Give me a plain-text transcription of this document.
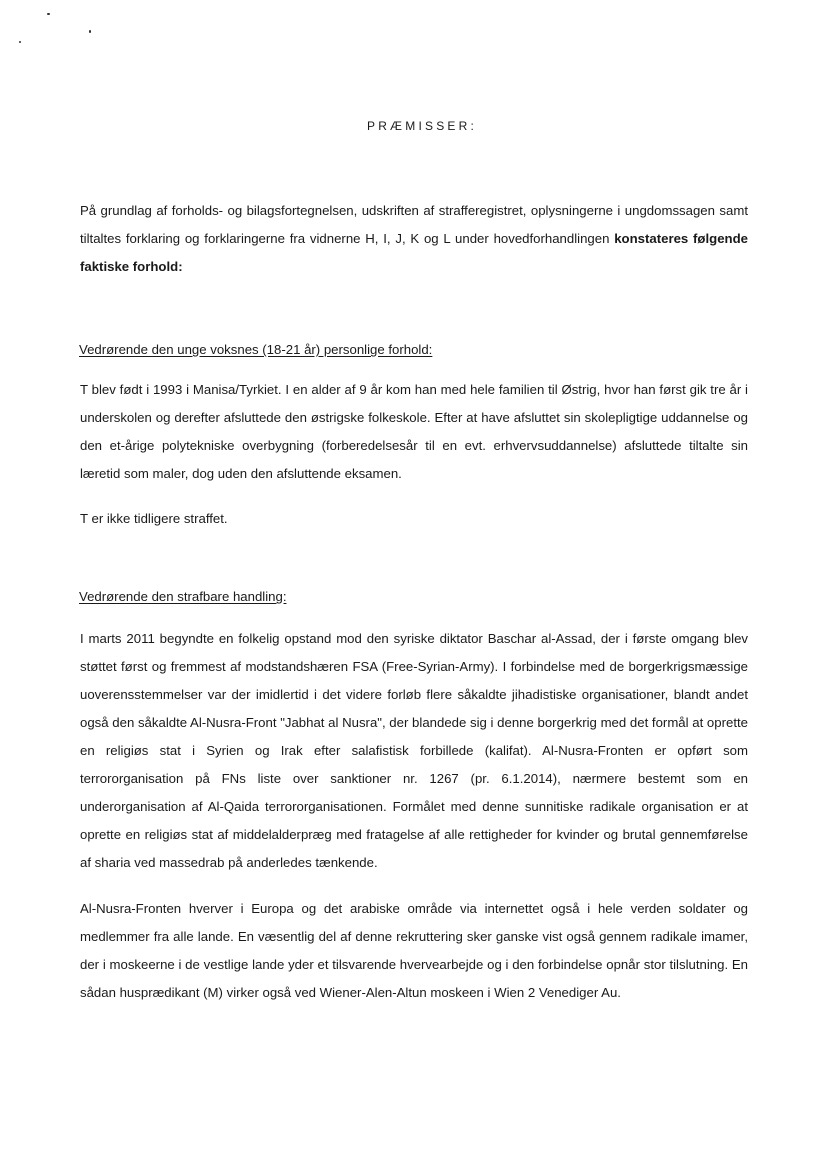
PRÆMISSER:

På grundlag af forholds- og bilagsfortegnelsen, udskriften af strafferegistret, oplysningerne i ungdomssagen samt tiltaltes forklaring og forklaringerne fra vidnerne H, I, J, K og L under hovedforhandlingen konstateres følgende faktiske forhold:

Vedrørende den unge voksnes (18-21 år) personlige forhold:

T blev født i 1993 i Manisa/Tyrkiet. I en alder af 9 år kom han med hele familien til Østrig, hvor han først gik tre år i underskolen og derefter afsluttede den østrigske folkeskole. Efter at have afsluttet sin skolepligtige uddannelse og den et-årige polytekniske overbygning (forberedelsesår til en evt. erhvervsuddannelse) afsluttede tiltalte sin læretid som maler, dog uden den afsluttende eksamen.

T er ikke tidligere straffet.

Vedrørende den strafbare handling:

I marts 2011 begyndte en folkelig opstand mod den syriske diktator Baschar al-Assad, der i første omgang blev støttet først og fremmest af modstandshæren FSA (Free-Syrian-Army). I forbindelse med de borgerkrigsmæssige uoverensstemmelser var der imidlertid i det videre forløb flere såkaldte jihadistiske organisationer, blandt andet også den såkaldte Al-Nusra-Front "Jabhat al Nusra", der blandede sig i denne borgerkrig med det formål at oprette en religiøs stat i Syrien og Irak efter salafistisk forbillede (kalifat). Al-Nusra-Fronten er opført som terrororganisation på FNs liste over sanktioner nr. 1267 (pr. 6.1.2014), nærmere bestemt som en underorganisation af Al-Qaida terrororganisationen. Formålet med denne sunnitiske radikale organisation er at oprette en religiøs stat af middelalderpræg med fratagelse af alle rettigheder for kvinder og brutal gennemførelse af sharia ved massedrab på anderledes tænkende.

Al-Nusra-Fronten hverver i Europa og det arabiske område via internettet også i hele verden soldater og medlemmer fra alle lande. En væsentlig del af denne rekruttering sker ganske vist også gennem radikale imamer, der i moskeerne i de vestlige lande yder et tilsvarende hvervearbejde og i den forbindelse opnår stor tilslutning. En sådan husprædikant (M) virker også ved Wiener-Alen-Altun moskeen i Wien 2 Venediger Au.
